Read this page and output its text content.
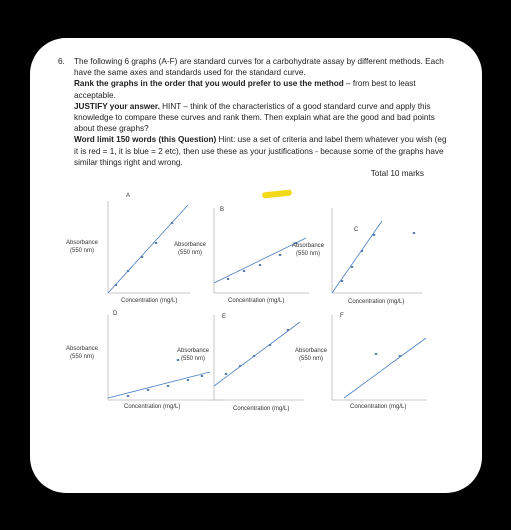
6.	The following 6 graphs (A-F) are standard curves for a carbohydrate assay by different methods. Each have the same axes and standards used for the standard curve.

Rank the graphs in the order that you would prefer to use the method – from best to least acceptable.

JUSTIFY your answer. HINT – think of the characteristics of a good standard curve and apply this knowledge to compare these curves and rank them. Then explain what are the good and bad points about these graphs?

Word limit 150 words (this Question) Hint: use a set of criteria and label them whatever you wish (eg it is red = 1, it is blue = 2 etc), then use these as your justifications - because some of the graphs have similar things right and wrong.

Total 10 marks
A
Absorbance (550 nm)
Concentration (mg/L)
B
Absorbance (550 nm)
Concentration (mg/L)
C
Absorbance (550 nm)
Concentration (mg/L)
D
Absorbance (550 nm)
Concentration (mg/L)
E
Absorbance (550 nm)
Concentration (mg/L)
F
Absorbance (550 nm)
Concentration (mg/L)
